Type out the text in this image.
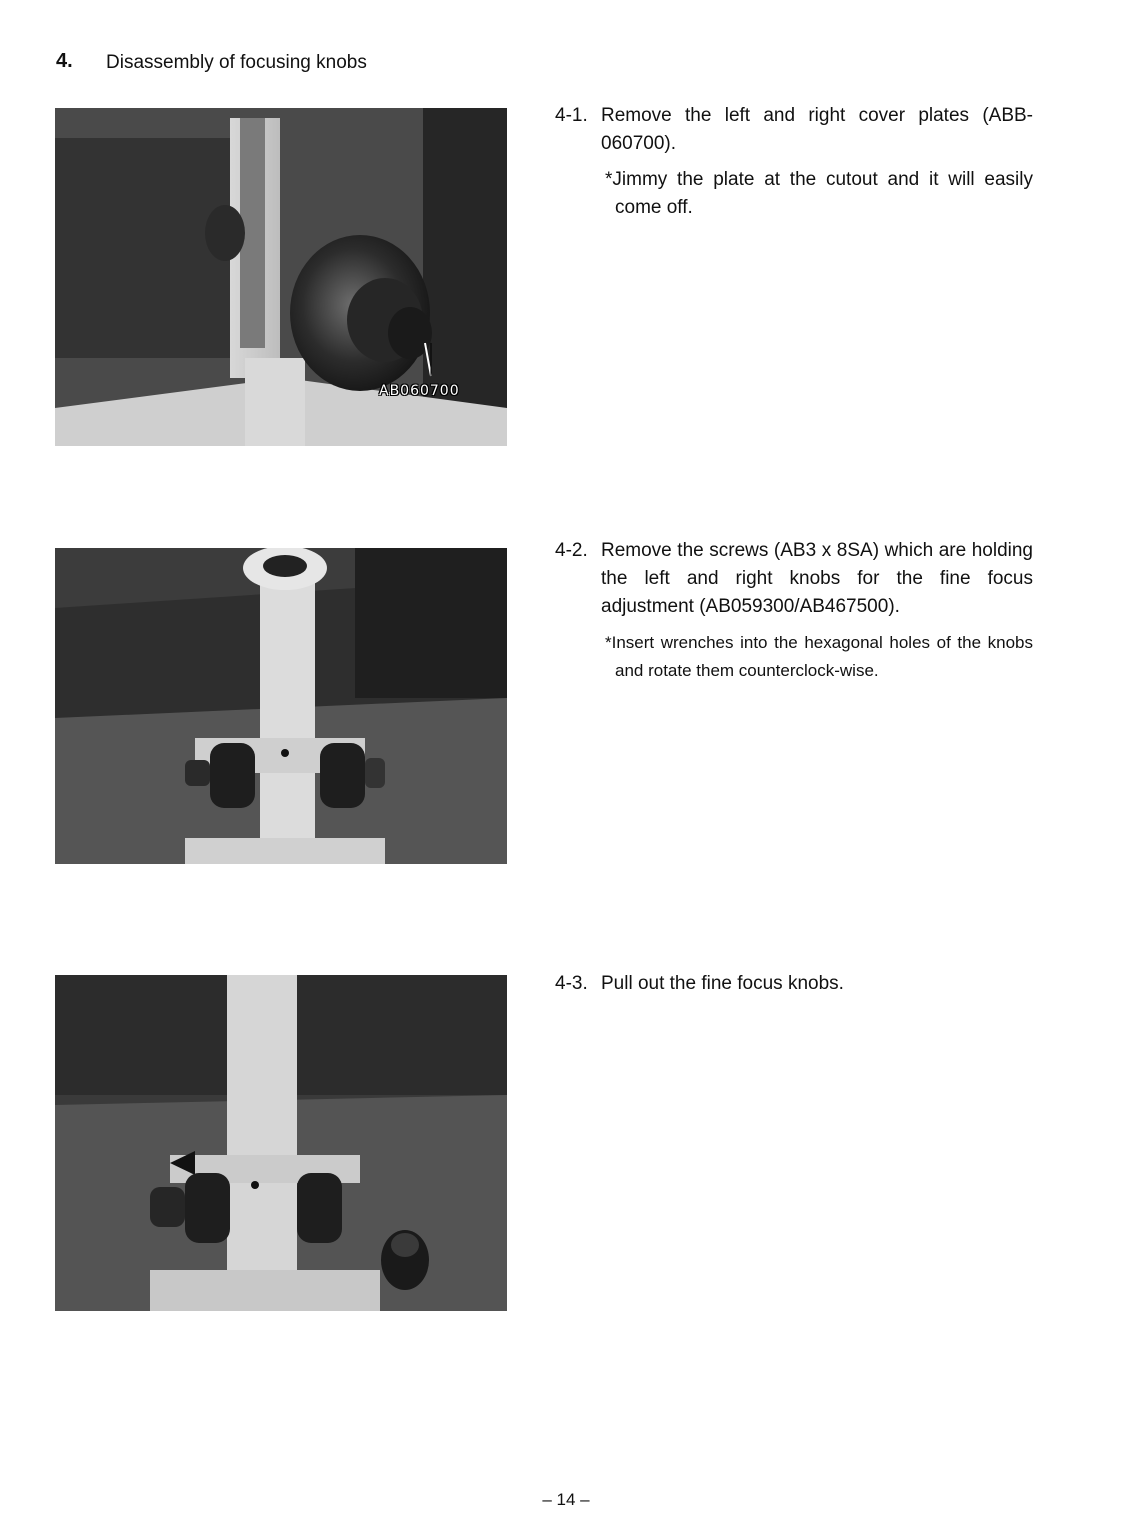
4. Disassembly of focusing knobs
AB060700
4-1. Remove the left and right cover plates (ABB-060700).
*Jimmy the plate at the cutout and it will easily come off.
4-2. Remove the screws (AB3 x 8SA) which are holding the left and right knobs for the fine focus adjustment (AB059300/AB467500).
*Insert wrenches into the hexagonal holes of the knobs and rotate them counterclock-wise.
4-3. Pull out the fine focus knobs.
– 14 –
